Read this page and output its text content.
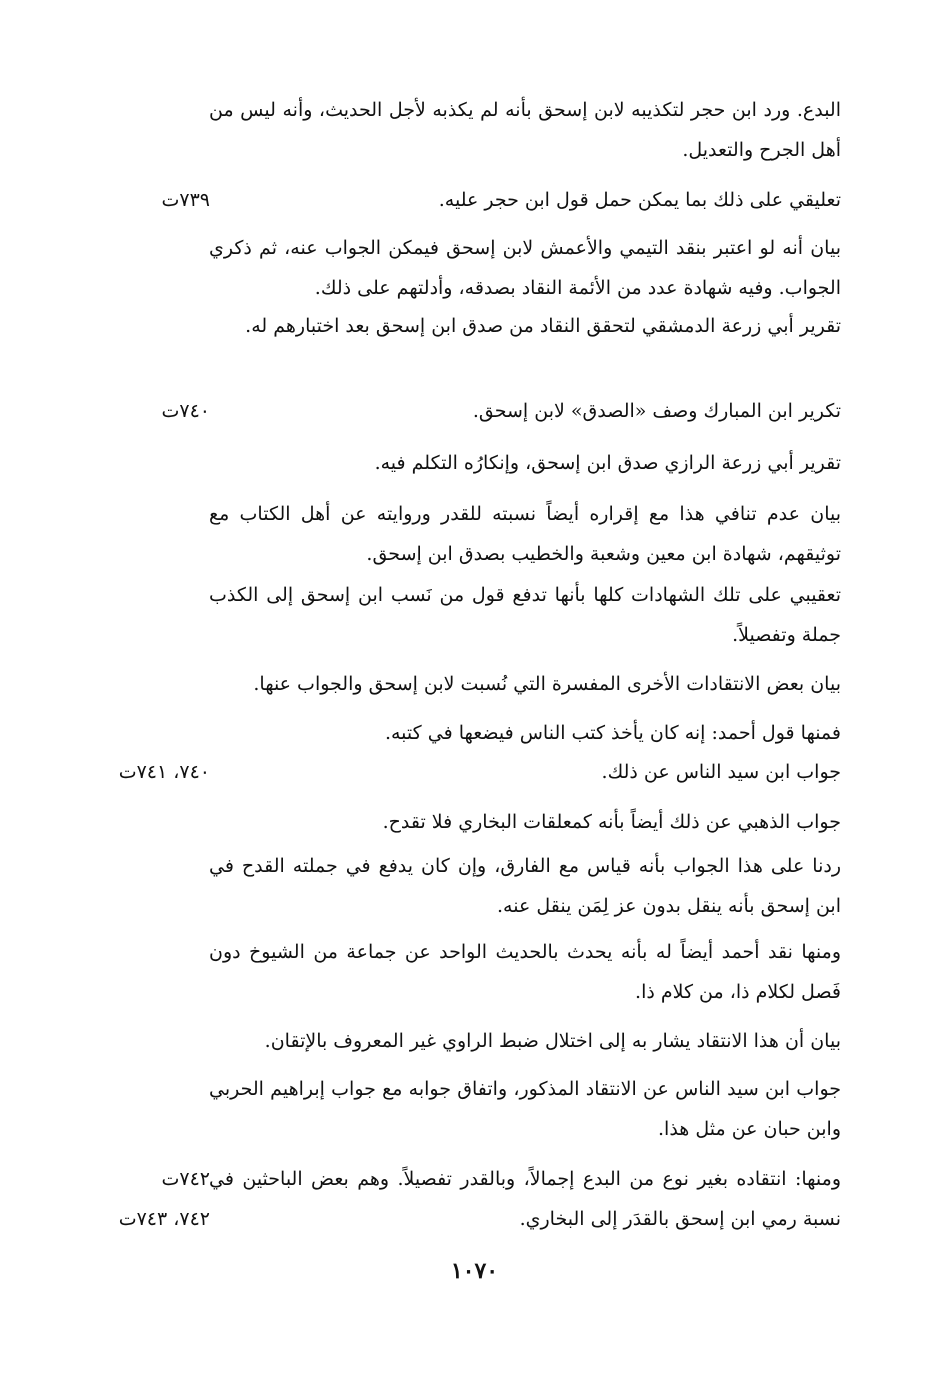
البدع. ورد ابن حجر لتكذيبه لابن إسحق بأنه لم يكذبه لأجل الحديث، وأنه ليس من أهل الجرح والتعديل.

تعليقي على ذلك بما يمكن حمل قول ابن حجر عليه.

٧٣٩ت

بيان أنه لو اعتبر بنقد التيمي والأعمش لابن إسحق فيمكن الجواب عنه، ثم ذكري الجواب. وفيه شهادة عدد من الأئمة النقاد بصدقه، وأدلتهم على ذلك.

تقرير أبي زرعة الدمشقي لتحقق النقاد من صدق ابن إسحق بعد اختبارهم له.

تكرير ابن المبارك وصف «الصدق» لابن إسحق.

٧٤٠ت

تقرير أبي زرعة الرازي صدق ابن إسحق، وإنكارُه التكلم فيه.

بيان عدم تنافي هذا مع إقراره أيضاً نسبته للقدر وروايته عن أهل الكتاب مع توثيقهم، شهادة ابن معين وشعبة والخطيب بصدق ابن إسحق.

تعقيبي على تلك الشهادات كلها بأنها تدفع قول من نَسب ابن إسحق إلى الكذب جملة وتفصيلاً.

بيان بعض الانتقادات الأخرى المفسرة التي نُسبت لابن إسحق والجواب عنها.

فمنها قول أحمد: إنه كان يأخذ كتب الناس فيضعها في كتبه.

جواب ابن سيد الناس عن ذلك.

٧٤٠، ٧٤١ت

جواب الذهبي عن ذلك أيضاً بأنه كمعلقات البخاري فلا تقدح.

ردنا على هذا الجواب بأنه قياس مع الفارق، وإن كان يدفع في جملته القدح في ابن إسحق بأنه ينقل بدون عز لِمَن ينقل عنه.

ومنها نقد أحمد أيضاً له بأنه يحدث بالحديث الواحد عن جماعة من الشيوخ دون فَصل لكلام ذا، من كلام ذا.

بيان أن هذا الانتقاد يشار به إلى اختلال ضبط الراوي غير المعروف بالإتقان.

جواب ابن سيد الناس عن الانتقاد المذكور، واتفاق جوابه مع جواب إبراهيم الحربي وابن حبان عن مثل هذا.

ومنها: انتقاده بغير نوع من البدع إجمالاً، وبالقدر تفصيلاً. وهم بعض الباحثين في نسبة رمي ابن إسحق بالقدَر إلى البخاري.

٧٤٢ت
٧٤٢، ٧٤٣ت
١٠٧٠
